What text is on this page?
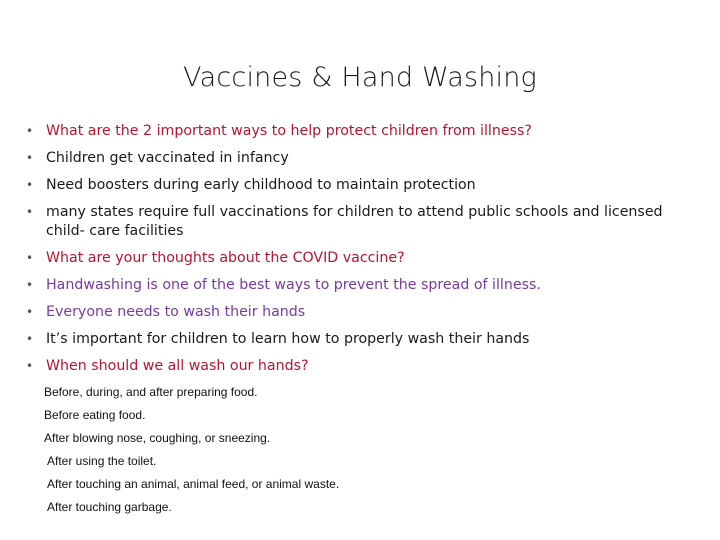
Vaccines & Hand Washing
• What are the 2 important ways to help protect children from illness?
• Children get vaccinated in infancy
• Need boosters during early childhood to maintain protection
• many states require full vaccinations for children to attend public schools and licensed child- care facilities
• What are your thoughts about the COVID vaccine?
• Handwashing is one of the best ways to prevent the spread of illness.
• Everyone needs to wash their hands
• It’s important for children to learn how to properly wash their hands
• When should we all wash our hands?
Before, during, and after preparing food.
Before eating food.
After blowing nose, coughing, or sneezing.
After using the toilet.
After touching an animal, animal feed, or animal waste.
After touching garbage.
